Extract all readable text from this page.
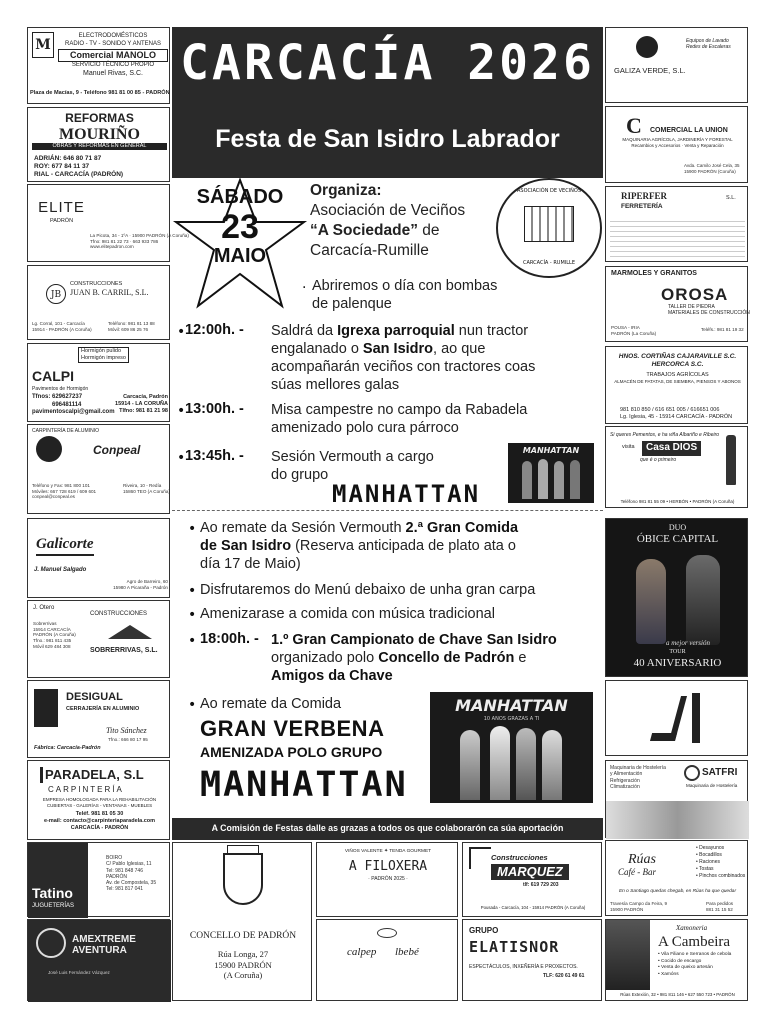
M
ELECTRODOMÉSTICOS
RADIO - TV - SONIDO Y ANTENAS
Comercial MANOLO
SERVICIO TÉCNICO PROPIO
Manuel Rivas, S.C.
Plaza de Macías, 9 - Teléfono 981 81 00 85 - PADRÓN
REFORMAS
MOURIÑO
OBRAS Y REFORMAS EN GENERAL
ADRIÁN: 646 80 71 87
ROY: 677 84 11 37
RIAL - CARCACÍA (PADRÓN)
ELITE
PADRÓN
La Picota, 34 - 1ºA · 15900 PADRÓN (A Coruña)
Tfno: 981 81 22 73 · 663 933 786
www.elitepadron.com
JB
CONSTRUCCIONES
JUAN B. CARRIL, S.L.
Lg. Corral, 101 - Carcacía
15914 - PADRÓN (A Coruña)
Teléfono: 981 81 13 88
Móvil: 609 86 25 76
Hormigón pulido
Hormigón impreso
CALPI
Pavimentos de Hormigón
Tfnos: 629627237
696481114
pavimentoscalpi@gmail.com
Carcacía, Padrón
15914 - LA CORUÑA
Tlfno: 981 81 21 98
CARPINTERÍA DE ALUMINIO
Conpeal
Teléfono y Fax: 981 800 101
Móviles: 667 728 619 / 609 601
conpeal@conpeal.es
Riveira, 10 - Redía
15860 TEO (A Coruña)
Galicorte
J. Manuel Salgado
Agro de Barreiro, 60
15980 A Picaraña - Padrón
J. Otero
CONSTRUCCIONES
SOBRERRIVAS, S.L.
Sobrerrivas
15914 CARCACÍA
PADRÓN (A Coruña)
Tfno.: 981 811 435
Móvil 629 484 308
DESIGUAL
CERRAJERÍA EN ALUMINIO
Tito Sánchez
Tfno.: 666 80 17 95
Fábrica: Carcacía-Padrón
PARADELA, S.L
CARPINTERÍA
EMPRESA HOMOLOGADA PARA LA REHABILITACIÓN
CUBIERTAS - GALERÍAS - VENTANAS - MUEBLES
Teléf. 981 81 05 30
e-mail: contacto@carpinteriaparadela.com
CARCACÍA - PADRÓN
Tatino
JUGUETERÍAS
BOIRO
C/ Pablo Iglesias, 11
Tel: 981 848 746
PADRÓN
Av. de Compostela, 35
Tel: 981 817 041
AMEXTREME AVENTURA
José Luis Fernández Vázquez
Equipos de Lavado
Redes de Escaleras
GALIZA VERDE, S.L.
C COMERCIAL LA UNION
MAQUINARIA AGRÍCOLA, JARDINERÍA Y FORESTAL
Recambios y Accesorios · Venta y Reparación
Avda. Camilo José Cela, 35
15900 PADRÓN (Coruña)
RIPERFER	S.L.
FERRETERÍA
MARMOLES Y GRANITOS
OROSA
TALLER DE PIEDRA
MATERIALES DE CONSTRUCCIÓN
POUSA - IRIA
PADRÓN (La Coruña)
Teléfs.: 981 81 19 32
HNOS. CORTIÑAS CAJARAVILLE S.C.
HERCORCA S.C.
TRABAJOS AGRÍCOLAS
ALMACÉN DE PATATAS, DE SIEMBRA, PIENSOS Y ABONOS
981 810 850 / 616 651 005 / 616651 006
Lg. Iglesia, 45 - 15914 CARCACÍA - PADRÓN
Si queres Pementos, e ha viña Albariño e Ribeiro
visita	Casa DIOS
que é o primeiro
Teléfono 981 81 55 09 • HERBÓN • PADRÓN (A Coruña)
DUO
ÓBICE CAPITAL
a mejor versión
TOUR
40 ANIVERSARIO
Maquinaria de Hostelería
y Alimentación
Refrigeración
Climatización
SATFRI
Maquinaria de Hostelería
Rúas
Café - Bar
• Desayunos
• Bocadillos
• Raciones
• Tostas
• Pinchos combinados
En o Santiago quedas chegab, en Rúas ha que quedar
Travesía Campo da Feira, 9
15900 PADRÓN
Para pedidos
881 31 15 52
Xamoneria
A Cambeira
• Vila Filiano e Serranos de cebola
• Cocido de encargo
• Venta de queixo artesán
• Xamóns
Rúas Extexión, 32 • 981 811 146 • 627 550 723 • PADRÓN
CONCELLO DE PADRÓN
Rúa Longa, 27
15900 PADRÓN
(A Coruña)
VIÑOS VALENTE ✦ TENDA GOURMET
A FILOXERA
· PADRÓN 2025 ·
calpep lbebé
Construcciones
MARQUEZ
tlf: 619 729 203
Pousada - Carcacía, 104 - 15914 PADRÓN (A Coruña)
GRUPO
ELATISNOR
ESPECTÁCULOS, INXEÑERÍA E PROXECTOS.
TLF: 620 61 49 61
CARCACÍA 2026
Festa de San Isidro Labrador
SÁBADO
23
MAIO
Organiza:
Asociación de Veciños
“A Sociedade” de
Carcacía-Rumille
ASOCIACIÓN DE VECIÑOS
CARCACÍA - RUMILLE
· Abriremos o día con bombas
de palenque
• 12:00h. - Saldrá da Igrexa parroquial nun tractor
engalanado o San Isidro, ao que
acompañarán veciños con tractores coas
súas mellores galas
• 13:00h. - Misa campestre no campo da Rabadela
amenizado polo cura párroco
• 13:45h. - Sesión Vermouth a cargo
do grupo
MANHATTAN
MANHATTAN
• Ao remate da Sesión Vermouth 2.ª Gran Comida
de San Isidro (Reserva anticipada de plato ata o
día 17 de Maio)
• Disfrutaremos do Menú debaixo de unha gran carpa
• Amenizarase a comida con música tradicional
• 18:00h. - 1.º Gran Campionato de Chave San Isidro
organizado polo Concello de Padrón e
Amigos da Chave
• Ao remate da Comida
GRAN VERBENA
AMENIZADA POLO GRUPO
MANHATTAN
MANHATTAN
10 ANOS GRAZAS A TI
A Comisión de Festas dalle as grazas a todos os que colaborarón ca súa aportación
